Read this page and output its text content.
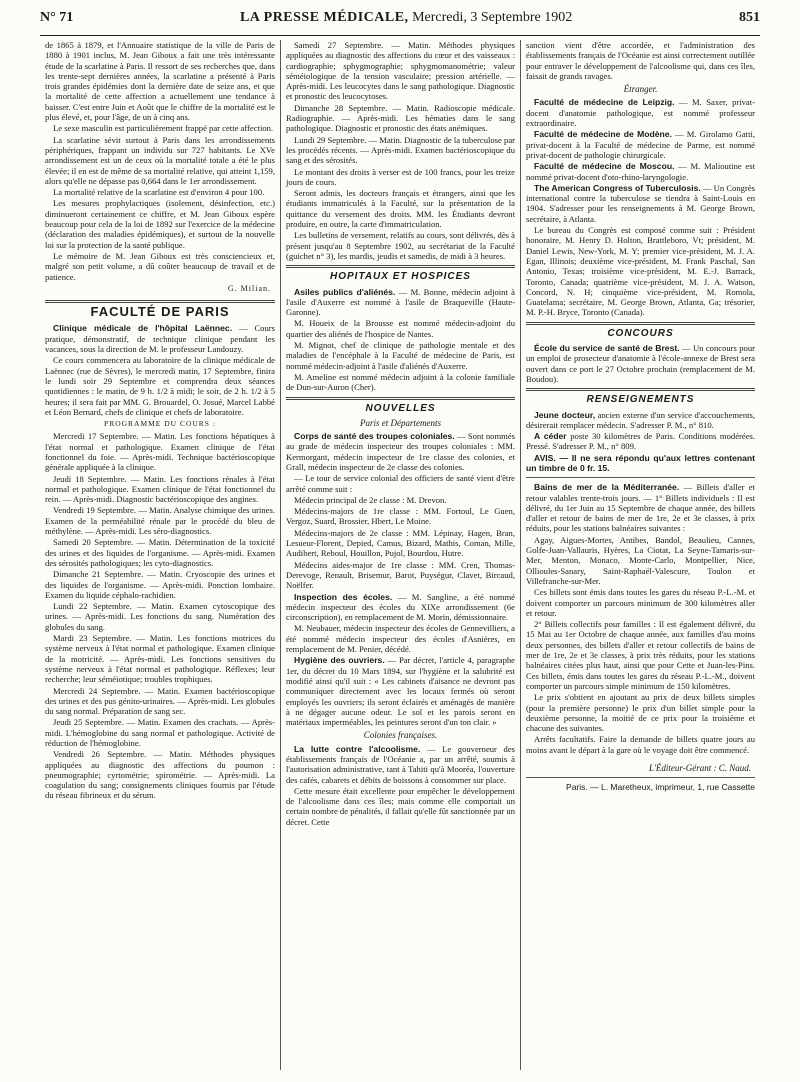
N° 71	LA PRESSE MÉDICALE, Mercredi, 3 Septembre 1902	851

de 1865 à 1879, et l'Annuaire statistique de la ville de Paris de 1880 à 1901 inclus, M. Jean Giboux a fait une très intéressante étude de la scarlatine à Paris. Il ressort de ses recherches que, dans les trente-sept dernières années, la scarlatine a présenté à Paris trois grandes épidémies dont la dernière date de seize ans, et que la mortalité de cette affection a actuellement une tendance à baisser. C'est entre Juin et Août que le chiffre de la mortalité est le plus élevé, et, pour l'âge, de un à cinq ans.

Le sexe masculin est particulièrement frappé par cette affection.

La scarlatine sévit surtout à Paris dans les arrondissements périphériques, frappant un individu sur 727 habitants. Le XVe arrondissement est un de ceux où la mortalité totale a été le plus élevée; il en est de même de sa mortalité relative, qui atteint 1,159, alors qu'elle ne dépasse pas 0,664 dans le 1er arrondissement.

La mortalité relative de la scarlatine est d'environ 4 pour 100.

Les mesures prophylactiques (isolement, désinfection, etc.) diminueront certainement ce chiffre, et M. Jean Giboux espère beaucoup pour cela de la loi de 1892 sur l'exercice de la médecine (déclaration des maladies épidémiques), et surtout de la nouvelle loi sur la protection de la santé publique.

Le mémoire de M. Jean Giboux est très consciencieux et, malgré son petit volume, a dû coûter beaucoup de travail et de patience.

G. Milian.
FACULTÉ DE PARIS

Clinique médicale de l'hôpital Laënnec. — Cours pratique, démonstratif, de technique clinique pendant les vacances, sous la direction de M. le professeur Landouzy.

Ce cours commencera au laboratoire de la clinique médicale de Laënnec (rue de Sèvres), le mercredi matin, 17 Septembre, finira le lundi soir 29 Septembre et comprendra deux séances quotidiennes : le matin, de 9 h. 1/2 à midi; le soir, de 2 h. 1/2 à 5 heures; il sera fait par MM. G. Brouardel, O. Josué, Marcel Labbé et Léon Bernard, chefs de clinique et chefs de laboratoire.

PROGRAMME DU COURS :

Mercredi 17 Septembre. — Matin. Les fonctions hépatiques à l'état normal et pathologique. Examen clinique de l'état fonctionnel du foie. — Après-midi. Technique bactérioscopique générale appliquée à la clinique.

Jeudi 18 Septembre. — Matin. Les fonctions rénales à l'état normal et pathologique. Examen clinique de l'état fonctionnel du rein. — Après-midi. Diagnostic bactérioscopique des angines.

Vendredi 19 Septembre. — Matin. Analyse chimique des urines. Examen de la perméabilité rénale par le procédé du bleu de méthylène. — Après-midi. Les séro-diagnostics.

Samedi 20 Septembre. — Matin. Détermination de la toxicité des urines et des liquides de l'organisme. — Après-midi. Examen des sérosités pathologiques; les cyto-diagnostics.

Dimanche 21 Septembre. — Matin. Cryoscopie des urines et des liquides de l'organisme. — Après-midi. Ponction lombaire. Examen du liquide céphalo-rachidien.

Lundi 22 Septembre. — Matin. Examen cytoscopique des urines. — Après-midi. Les fonctions du sang. Numération des globules du sang.

Mardi 23 Septembre. — Matin. Les fonctions motrices du système nerveux à l'état normal et pathologique. Examen clinique de la motricité. — Après-midi. Les fonctions sensitives du système nerveux à l'état normal et pathologique. Réflexes; leur recherche; leur séméiotique; troubles trophiques.

Mercredi 24 Septembre. — Matin. Examen bactérioscopique des urines et des pus génito-urinaires. — Après-midi. Les globules du sang normal. Préparation de sang sec.

Jeudi 25 Septembre. — Matin. Examen des crachats. — Après-midi. L'hémoglobine du sang normal et pathologique. Activité de réduction de l'hémoglobine.

Vendredi 26 Septembre. — Matin. Méthodes physiques appliquées au diagnostic des affections du poumon : pneumographie; cyrtométrie; spirométrie. — Après-midi. La coagulation du sang; consignements cliniques fournis par l'étude du réseau fibrineux et du sérum.

Samedi 27 Septembre. — Matin. Méthodes physiques appliquées au diagnostic des affections du cœur et des vaisseaux : cardiographie; sphygmographie; sphygmomanométrie; valeur séméiologique de la tension vasculaire; pression artérielle. — Après-midi. Les leucocytes dans le sang pathologique. Diagnostic et pronostic des leucocytoses.

Dimanche 28 Septembre. — Matin. Radioscopie médicale. Radiographie. — Après-midi. Les hématies dans le sang pathologique. Diagnostic et pronostic des états anémiques.

Lundi 29 Septembre. — Matin. Diagnostic de la tuberculose par les procédés récents. — Après-midi. Examen bactérioscopique du sang et des sérosités.

Le montant des droits à verser est de 100 francs, pour les treize jours de cours.

Seront admis, les docteurs français et étrangers, ainsi que les étudiants immatriculés à la Faculté, sur la présentation de la quittance du versement des droits. MM. les Étudiants devront produire, en outre, la carte d'immatriculation.

Les bulletins de versement, relatifs au cours, sont délivrés, dès à présent jusqu'au 8 Septembre 1902, au secrétariat de la Faculté (guichet n° 3), les mardis, jeudis et samedis, de midi à 3 heures.

HOPITAUX ET HOSPICES

Asiles publics d'aliénés. — M. Bonne, médecin adjoint à l'asile d'Auxerre est nommé à l'asile de Braqueville (Haute-Garonne).

M. Houeix de la Brousse est nommé médecin-adjoint du quartier des aliénés de l'hospice de Nantes.

M. Mignot, chef de clinique de pathologie mentale et des maladies de l'encéphale à la Faculté de médecine de Paris, est nommé médecin-adjoint à l'asile d'aliénés d'Auxerre.

M. Ameline est nommé médecin adjoint à la colonie familiale de Dun-sur-Auron (Cher).

NOUVELLES
Paris et Départements

Corps de santé des troupes coloniales. — Sont nommés au grade de médecin inspecteur des troupes coloniales : MM. Kermorgant, médecin inspecteur de 1re classe des colonies, et Grall, médecin inspecteur de 2e classe des colonies.

— Le tour de service colonial des officiers de santé vient d'être arrêté comme suit :

Médecin principal de 2e classe : M. Drevon.

Médecins-majors de 1re classe : MM. Fortoul, Le Guen, Vergoz, Suard, Brossier, Hbert, Le Moine.

Médecins-majors de 2e classe : MM. Lépinay, Hagen, Bran, Lesueur-Florent, Depied, Camus, Bizard, Mathis, Coman, Mille, Audibert, Reboul, Houillon, Pujol, Bourdou, Hutre.

Médecins aides-major de 1re classe : MM. Cren, Thomas-Derevoge, Renault, Brisemur, Barot, Puységur, Clavet, Bircaud, Noëlfer.

Inspection des écoles. — M. Sangline, a été nommé médecin inspecteur des écoles du XIXe arrondissement (6e circonscription), en remplacement de M. Morin, démissionnaire.

M. Neubauer, médecin inspecteur des écoles de Gennevilliers, a été nommé médecin inspecteur des écoles d'Asnières, en remplacement de M. Penier, décédé.

Hygiène des ouvriers. — Par décret, l'article 4, paragraphe 1er, du décret du 10 Mars 1894, sur l'hygiène et la salubrité est modifié ainsi qu'il suit : « Les cabinets d'aisance ne devront pas communiquer directement avec les locaux fermés où seront employés les ouvriers; ils seront éclairés et aménagés de manière à ne dégager aucune odeur. Le sol et les parois seront en matériaux imperméables, les peintures seront d'un ton clair. »

Colonies françaises.

La lutte contre l'alcoolisme. — Le gouverneur des établissements français de l'Océanie a, par un arrêté, soumis à l'autorisation administrative, tant à Tahiti qu'à Mooréa, l'ouverture des cafés, cabarets et débits de boissons à consommer sur place.

Cette mesure était excellente pour empêcher le développement de l'alcoolisme dans ces îles; mais comme elle comportait un certain nombre de pénalités, il fallait qu'elle fût sanctionnée par un décret. Cette

sanction vient d'être accordée, et l'administration des établissements français de l'Océanie est ainsi correctement outillée pour entraver le développement de l'alcoolisme qui, dans ces îles, faisait de grands ravages.

Étranger.

Faculté de médecine de Leipzig. — M. Saxer, privat-docent d'anatomie pathologique, est nommé professeur extraordinaire.

Faculté de médecine de Modène. — M. Girolamo Gatti, privat-docent à la Faculté de médecine de Parme, est nommé privat-docent de pathologie chirurgicale.

Faculté de médecine de Moscou. — M. Malioutine est nommé privat-docent d'oto-rhino-laryngologie.

The American Congress of Tuberculosis. — Un Congrès international contre la tuberculose se tiendra à Saint-Louis en 1904. S'adresser pour les renseignements à M. George Brown, secrétaire, à Atlanta.

Le bureau du Congrès est composé comme suit : Président honoraire, M. Henry D. Holton, Brattleboro, Vt; président, M. Daniel Lewis, New-York, M. Y; premier vice-président, M. J. A. Egan, Illinois; deuxième vice-président, M. Frank Paschal, San Antonio, Texas; troisième vice-président, M. E.-J. Barrack, Toronto, Canada; quatrième vice-président, M. J. A. Watson, Concord, N. H; cinquième vice-président, M. Romola, Guatelama; secrétaire, M. George Brown, Atlanta, Ga; trésorier, M. P.-H. Bryce, Toronto (Canada).

CONCOURS

École du service de santé de Brest. — Un concours pour un emploi de prosecteur d'anatomie à l'école-annexe de Brest sera ouvert dans ce port le 27 Octobre prochain (remplacement de M. Boudou).

RENSEIGNEMENTS

Jeune docteur, ancien externe d'un service d'accouchements, désirerait remplacer médecin. S'adresser P. M., n° 810.

A céder poste 30 kilomètres de Paris. Conditions modérées. Pressé. S'adresser P. M., n° 809.

AVIS. — Il ne sera répondu qu'aux lettres contenant un timbre de 0 fr. 15.

Bains de mer de la Méditerranée. — Billets d'aller et retour valables trente-trois jours. — 1° Billets individuels : Il est délivré, du 1er Juin au 15 Septembre de chaque année, des billets d'aller et retour de bains de mer de 1re, 2e et 3e classes, à prix réduits, pour les stations balnéaires suivantes :

Agay, Aigues-Mortes, Antibes, Bandol, Beaulieu, Cannes, Golfe-Juan-Vallauris, Hyères, La Ciotat, La Seyne-Tamaris-sur-Mer, Menton, Monaco, Monte-Carlo, Montpellier, Nice, Ollioules-Sanary, Saint-Raphaël-Valescure, Toulon et Villefranche-sur-Mer.

Ces billets sont émis dans toutes les gares du réseau P.-L.-M. et doivent comporter un parcours minimum de 300 kilomètres aller et retour.

2° Billets collectifs pour familles : Il est également délivré, du 15 Mai au 1er Octobre de chaque année, aux familles d'au moins deux personnes, des billets d'aller et retour collectifs de bains de mer de 1re, 2e et 3e classes, à prix très réduits, pour les stations balnéaires citées plus haut, ainsi que pour Cette et Juan-les-Pins. Ces billets, émis dans toutes les gares du réseau P.-L.-M., doivent comporter un parcours simple minimum de 150 kilomètres.

Le prix s'obtient en ajoutant au prix de deux billets simples (pour la première personne) le prix d'un billet simple pour la deuxième personne, la moitié de ce prix pour la troisième et chacune des suivantes.

Arrêts facultatifs. Faire la demande de billets quatre jours au moins avant le départ à la gare où le voyage doit être commencé.

L'Éditeur-Gérant : C. Naud.
Paris. — L. Maretheux, imprimeur, 1, rue Cassette
